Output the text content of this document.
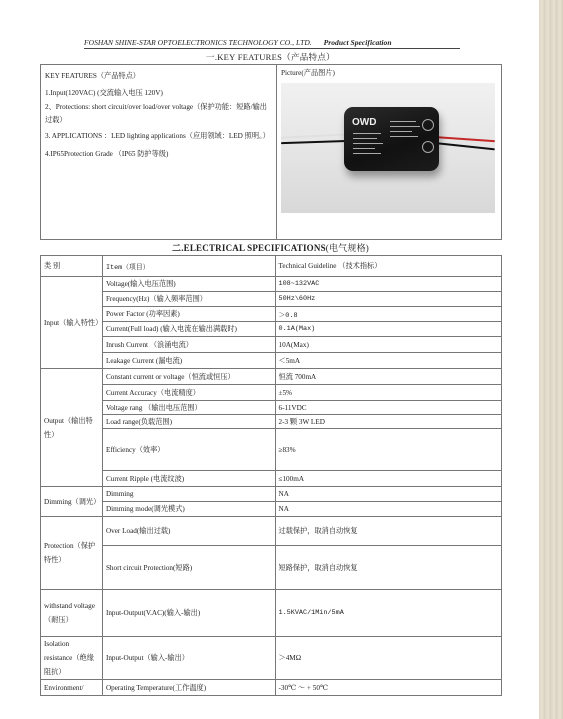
FOSHAN SHINE-STAR OPTOELECTRONICS TECHNOLOGY CO., LTD. Product Specification
一.KEY FEATURES（产品特点）
KEY FEATURES（产品特点）
1.Input(120VAC) (交流输入电压 120V)
2、Protections: short circuit/over load/over voltage（保护功能：短路/输出过载）
3. APPLICATIONS ：LED lighting applications（应用领域：LED 照明。）
4.IP65Protection Grade （IP65 防护等级)

Picture(产品图片)
OWD
二.ELECTRICAL SPECIFICATIONS(电气规格)
类 别	Item（项目）	Technical Guideline （技术指标）
Input（输入特性）	Voltage(输入电压范围)	108~132VAC
	Frequency(Hz)（输入频率范围）	50Hz\60Hz
	Power Factor (功率因素)	＞0.8
	Current(Full load) (输入电流在输出满载时)	0.1A(Max)
	Inrush Current （浪涌电流）	10A(Max)
	Leakage Current (漏电流)	＜5mA
Output（输出特性）	Constant current or voltage（恒流或恒压）	恒流 700mA
	Current Accuracy（电流精度）	±5%
	Voltage rang （输出电压范围）	6-11VDC
	Load range(负载范围)	2-3 颗 3W LED
	Efficiency（效率）	≥83%
	Current Ripple (电流纹波)	≤100mA
Dimming（调光）	Dimming	NA
	Dimming mode(调光模式)	NA
Protection（保护特性）	Over Load(输出过载)	过载保护，取消自动恢复
	Short circuit Protection(短路)	短路保护，取消自动恢复
withstand voltage（耐压）	Input-Output(V.AC)(输入-输出)	1.5KVAC/1Min/5mA
Isolation resistance（绝缘阻抗）	Input-Output（输入-输出）	＞4MΩ
Environment/	Operating Temperature(工作温度)	-30℃ ～ + 50℃
